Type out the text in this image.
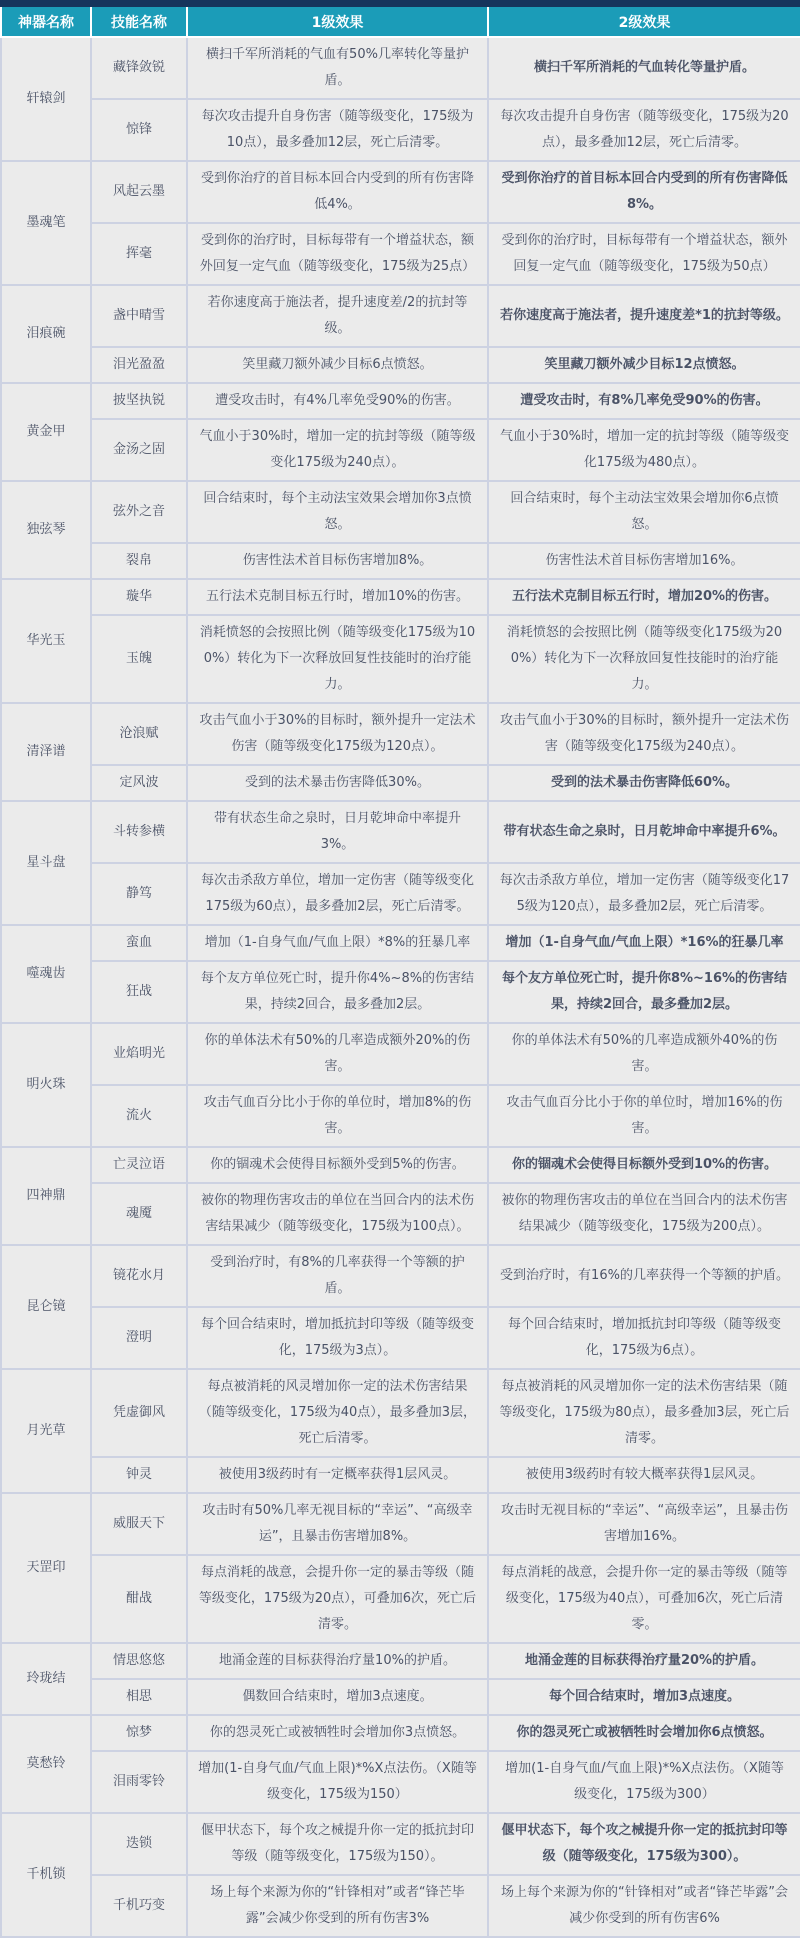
神器名称	技能名称	1级效果	2级效果
轩辕剑	藏锋敛锐	横扫千军所消耗的气血有50%几率转化等量护盾。	横扫千军所消耗的气血转化等量护盾。
	惊锋	每次攻击提升自身伤害（随等级变化，175级为10点），最多叠加12层，死亡后清零。	每次攻击提升自身伤害（随等级变化，175级为20点），最多叠加12层，死亡后清零。
墨魂笔	风起云墨	受到你治疗的首目标本回合内受到的所有伤害降低4%。	受到你治疗的首目标本回合内受到的所有伤害降低8%。
	挥毫	受到你的治疗时，目标每带有一个增益状态，额外回复一定气血（随等级变化，175级为25点）	受到你的治疗时，目标每带有一个增益状态，额外回复一定气血（随等级变化，175级为50点）
泪痕碗	盏中晴雪	若你速度高于施法者，提升速度差/2的抗封等级。	若你速度高于施法者，提升速度差*1的抗封等级。
	泪光盈盈	笑里藏刀额外减少目标6点愤怒。	笑里藏刀额外减少目标12点愤怒。
黄金甲	披坚执锐	遭受攻击时，有4%几率免受90%的伤害。	遭受攻击时，有8%几率免受90%的伤害。
	金汤之固	气血小于30%时，增加一定的抗封等级（随等级变化175级为240点）。	气血小于30%时，增加一定的抗封等级（随等级变化175级为480点）。
独弦琴	弦外之音	回合结束时，每个主动法宝效果会增加你3点愤怒。	回合结束时，每个主动法宝效果会增加你6点愤怒。
	裂帛	伤害性法术首目标伤害增加8%。	伤害性法术首目标伤害增加16%。
华光玉	璇华	五行法术克制目标五行时，增加10%的伤害。	五行法术克制目标五行时，增加20%的伤害。
	玉魄	消耗愤怒的会按照比例（随等级变化175级为100%）转化为下一次释放回复性技能时的治疗能力。	消耗愤怒的会按照比例（随等级变化175级为200%）转化为下一次释放回复性技能时的治疗能力。
清泽谱	沧浪赋	攻击气血小于30%的目标时，额外提升一定法术伤害（随等级变化175级为120点）。	攻击气血小于30%的目标时，额外提升一定法术伤害（随等级变化175级为240点）。
	定风波	受到的法术暴击伤害降低30%。	受到的法术暴击伤害降低60%。
星斗盘	斗转参横	带有状态生命之泉时，日月乾坤命中率提升3%。	带有状态生命之泉时，日月乾坤命中率提升6%。
	静笃	每次击杀敌方单位，增加一定伤害（随等级变化175级为60点），最多叠加2层，死亡后清零。	每次击杀敌方单位，增加一定伤害（随等级变化175级为120点），最多叠加2层，死亡后清零。
噬魂齿	蛮血	增加（1-自身气血/气血上限）*8%的狂暴几率	增加（1-自身气血/气血上限）*16%的狂暴几率
	狂战	每个友方单位死亡时，提升你4%~8%的伤害结果，持续2回合，最多叠加2层。	每个友方单位死亡时，提升你8%~16%的伤害结果，持续2回合，最多叠加2层。
明火珠	业焰明光	你的单体法术有50%的几率造成额外20%的伤害。	你的单体法术有50%的几率造成额外40%的伤害。
	流火	攻击气血百分比小于你的单位时，增加8%的伤害。	攻击气血百分比小于你的单位时，增加16%的伤害。
四神鼎	亡灵泣语	你的锢魂术会使得目标额外受到5%的伤害。	你的锢魂术会使得目标额外受到10%的伤害。
	魂魇	被你的物理伤害攻击的单位在当回合内的法术伤害结果减少（随等级变化，175级为100点）。	被你的物理伤害攻击的单位在当回合内的法术伤害结果减少（随等级变化，175级为200点）。
昆仑镜	镜花水月	受到治疗时，有8%的几率获得一个等额的护盾。	受到治疗时，有16%的几率获得一个等额的护盾。
	澄明	每个回合结束时，增加抵抗封印等级（随等级变化，175级为3点）。	每个回合结束时，增加抵抗封印等级（随等级变化，175级为6点）。
月光草	凭虚御风	每点被消耗的风灵增加你一定的法术伤害结果（随等级变化，175级为40点），最多叠加3层，死亡后清零。	每点被消耗的风灵增加你一定的法术伤害结果（随等级变化，175级为80点），最多叠加3层，死亡后清零。
	钟灵	被使用3级药时有一定概率获得1层风灵。	被使用3级药时有较大概率获得1层风灵。
天罡印	威服天下	攻击时有50%几率无视目标的“幸运”、“高级幸运”，且暴击伤害增加8%。	攻击时无视目标的“幸运”、“高级幸运”，且暴击伤害增加16%。
	酣战	每点消耗的战意，会提升你一定的暴击等级（随等级变化，175级为20点），可叠加6次，死亡后清零。	每点消耗的战意，会提升你一定的暴击等级（随等级变化，175级为40点），可叠加6次，死亡后清零。
玲珑结	情思悠悠	地涌金莲的目标获得治疗量10%的护盾。	地涌金莲的目标获得治疗量20%的护盾。
	相思	偶数回合结束时，增加3点速度。	每个回合结束时，增加3点速度。
莫愁铃	惊梦	你的怨灵死亡或被牺牲时会增加你3点愤怒。	你的怨灵死亡或被牺牲时会增加你6点愤怒。
	泪雨零铃	增加(1-自身气血/气血上限)*%X点法伤。（X随等级变化，175级为150）	增加(1-自身气血/气血上限)*%X点法伤。（X随等级变化，175级为300）
千机锁	迭锁	偃甲状态下，每个攻之械提升你一定的抵抗封印等级（随等级变化，175级为150）。	偃甲状态下，每个攻之械提升你一定的抵抗封印等级（随等级变化，175级为300）。
	千机巧变	场上每个来源为你的“针锋相对”或者“锋芒毕露”会减少你受到的所有伤害3%	场上每个来源为你的“针锋相对”或者“锋芒毕露”会减少你受到的所有伤害6%
